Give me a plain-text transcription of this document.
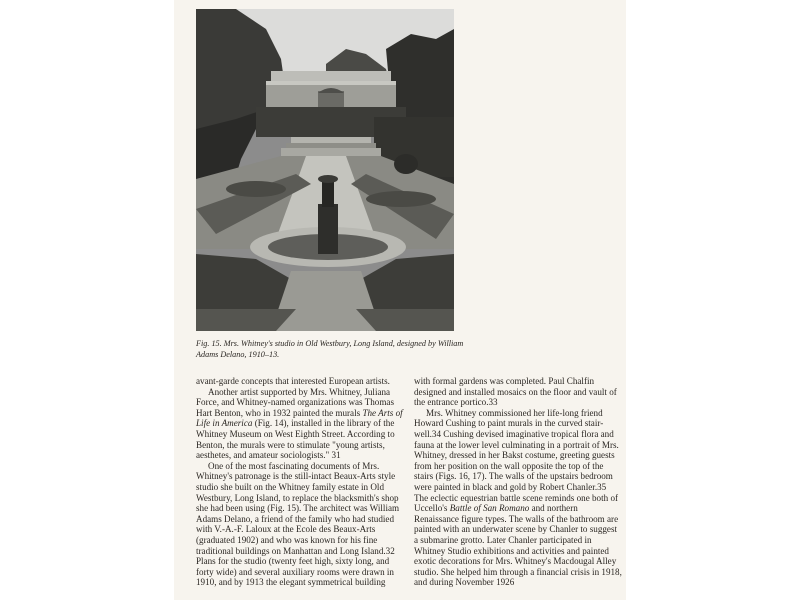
Fig. 15. Mrs. Whitney's studio in Old Westbury, Long Island, designed by William Adams Delano, 1910–13.

avant-garde concepts that interested European artists.

Another artist supported by Mrs. Whitney, Juliana Force, and Whitney-named organizations was Thomas Hart Benton, who in 1932 painted the murals The Arts of Life in America (Fig. 14), installed in the library of the Whitney Museum on West Eighth Street. According to Benton, the murals were to stimulate "young artists, aesthetes, and amateur sociologists." 31

One of the most fascinating documents of Mrs. Whitney's patronage is the still-intact Beaux-Arts style studio she built on the Whitney family estate in Old Westbury, Long Island, to replace the blacksmith's shop she had been using (Fig. 15). The architect was William Adams Delano, a friend of the family who had studied with V.-A.-F. Laloux at the Ecole des Beaux-Arts (graduated 1902) and who was known for his fine traditional buildings on Manhattan and Long Island.32 Plans for the studio (twenty feet high, sixty long, and forty wide) and several auxiliary rooms were drawn in 1910, and by 1913 the elegant symmetrical building

with formal gardens was completed. Paul Chalfin designed and installed mosaics on the floor and vault of the entrance portico.33

Mrs. Whitney commissioned her life-long friend Howard Cushing to paint murals in the curved stair-well.34 Cushing devised imaginative tropical flora and fauna at the lower level culminating in a portrait of Mrs. Whitney, dressed in her Bakst costume, greeting guests from her position on the wall opposite the top of the stairs (Figs. 16, 17). The walls of the upstairs bedroom were painted in black and gold by Robert Chanler.35 The eclectic equestrian battle scene reminds one both of Uccello's Battle of San Romano and northern Renaissance figure types. The walls of the bathroom are painted with an underwater scene by Chanler to suggest a submarine grotto. Later Chanler participated in Whitney Studio exhibitions and activities and painted exotic decorations for Mrs. Whitney's Macdougal Alley studio. She helped him through a financial crisis in 1918, and during November 1926
